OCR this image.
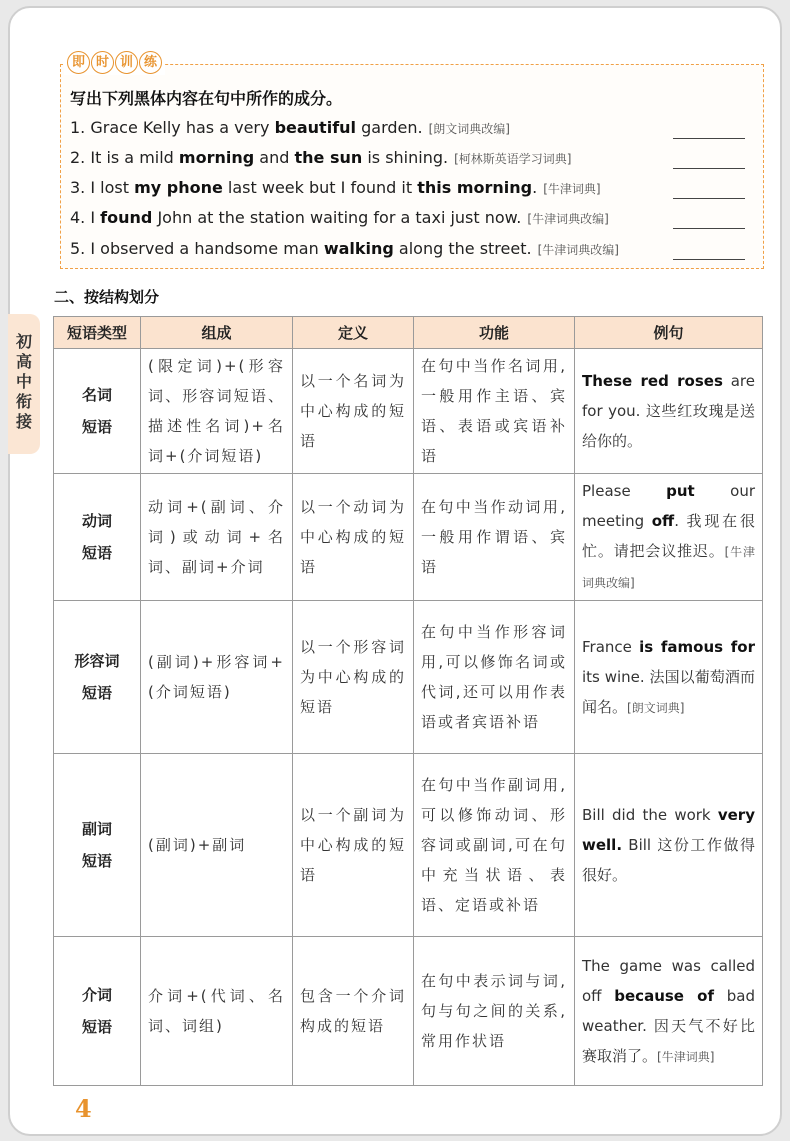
即 时 训 练
写出下列黑体内容在句中所作的成分。
1. Grace Kelly has a very beautiful garden. [朗文词典改编]
2. It is a mild morning and the sun is shining. [柯林斯英语学习词典]
3. I lost my phone last week but I found it this morning. [牛津词典]
4. I found John at the station waiting for a taxi just now. [牛津词典改编]
5. I observed a handsome man walking along the street. [牛津词典改编]
二、按结构划分
初高中衔接
短语类型	组成	定义	功能	例句

名词
短语	(限定词)+(形容词、形容词短语、描述性名词)+名词+(介词短语)	以一个名词为中心构成的短语	在句中当作名词用,一般用作主语、宾语、表语或宾语补语	These red roses are for you. 这些红玫瑰是送给你的。

动词
短语	动词+(副词、介词)或动词+名词、副词+介词	以一个动词为中心构成的短语	在句中当作动词用,一般用作谓语、宾语	Please put our meeting off. 我现在很忙。请把会议推迟。[牛津词典改编]

形容词
短语	(副词)+形容词+(介词短语)	以一个形容词为中心构成的短语	在句中当作形容词用,可以修饰名词或代词,还可以用作表语或者宾语补语	France is famous for its wine. 法国以葡萄酒而闻名。[朗文词典]

副词
短语	(副词)+副词	以一个副词为中心构成的短语	在句中当作副词用,可以修饰动词、形容词或副词,可在句中充当状语、表语、定语或补语	Bill did the work very well. Bill 这份工作做得很好。

介词
短语	介词+(代词、名词、词组)	包含一个介词构成的短语	在句中表示词与词,句与句之间的关系,常用作状语	The game was called off because of bad weather. 因天气不好比赛取消了。[牛津词典]
4
